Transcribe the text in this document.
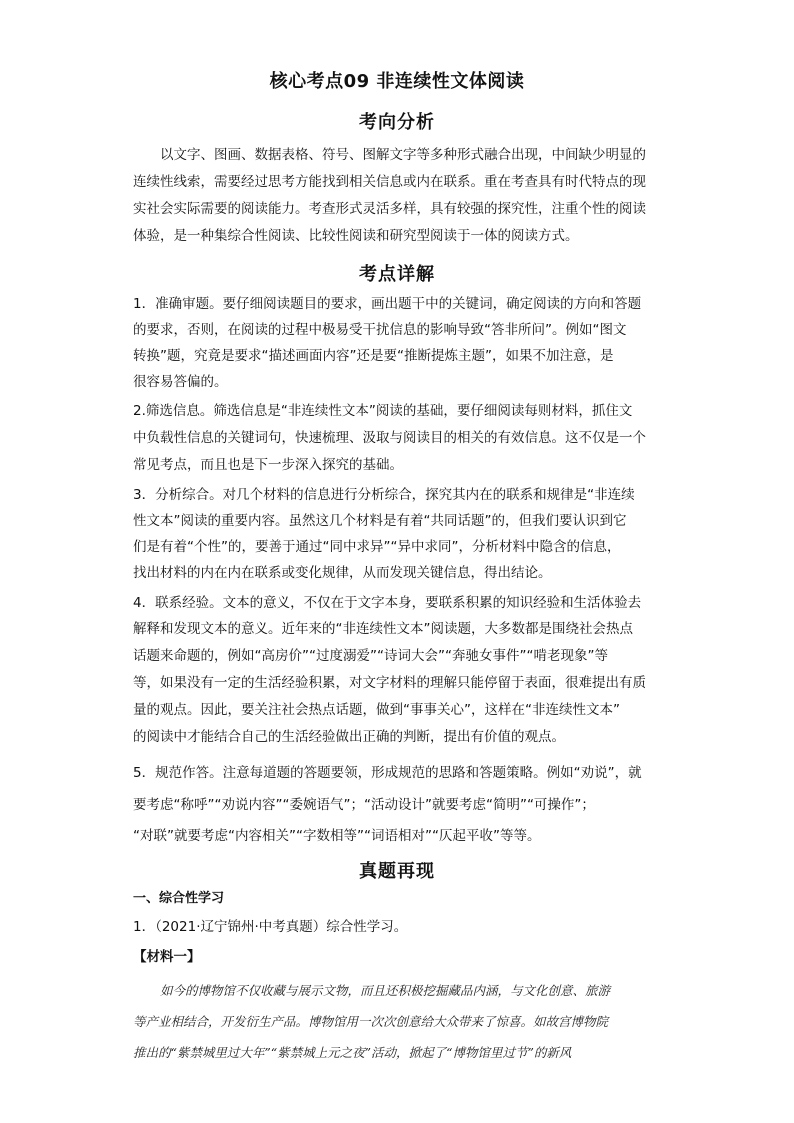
核心考点09 非连续性文体阅读
考向分析
以文字、图画、数据表格、符号、图解文字等多种形式融合出现，中间缺少明显的
连续性线索，需要经过思考方能找到相关信息或内在联系。重在考查具有时代特点的现
实社会实际需要的阅读能力。考查形式灵活多样，具有较强的探究性，注重个性的阅读
体验，是一种集综合性阅读、比较性阅读和研究型阅读于一体的阅读方式。
考点详解
1．准确审题。要仔细阅读题目的要求，画出题干中的关键词，确定阅读的方向和答题
的要求，否则，在阅读的过程中极易受干扰信息的影响导致“答非所问”。例如“图文
转换”题，究竟是要求“描述画面内容”还是要“推断提炼主题”，如果不加注意，是
很容易答偏的。
2.筛选信息。筛选信息是“非连续性文本”阅读的基础，要仔细阅读每则材料，抓住文
中负载性信息的关键词句，快速梳理、汲取与阅读目的相关的有效信息。这不仅是一个
常见考点，而且也是下一步深入探究的基础。
3．分析综合。对几个材料的信息进行分析综合，探究其内在的联系和规律是“非连续
性文本”阅读的重要内容。虽然这几个材料是有着“共同话题”的，但我们要认识到它
们是有着“个性”的，要善于通过“同中求异”“异中求同”，分析材料中隐含的信息，
找出材料的内在内在联系或变化规律，从而发现关键信息，得出结论。
4．联系经验。文本的意义，不仅在于文字本身，要联系积累的知识经验和生活体验去
解释和发现文本的意义。近年来的“非连续性文本”阅读题，大多数都是围绕社会热点
话题来命题的，例如“高房价”“过度溺爱”“诗词大会”“奔驰女事件”“啃老现象”等
等，如果没有一定的生活经验积累，对文字材料的理解只能停留于表面，很难提出有质
量的观点。因此，要关注社会热点话题，做到“事事关心”，这样在“非连续性文本”
的阅读中才能结合自己的生活经验做出正确的判断，提出有价值的观点。
5．规范作答。注意每道题的答题要领，形成规范的思路和答题策略。例如“劝说”，就
要考虑“称呼”“劝说内容”“委婉语气”；“活动设计”就要考虑“简明”“可操作”；
“对联”就要考虑“内容相关”“字数相等”“词语相对”“仄起平收”等等。
真题再现
一、综合性学习
1．（2021·辽宁锦州·中考真题）综合性学习。
【材料一】
如今的博物馆不仅收藏与展示文物，而且还积极挖掘藏品内涵，与文化创意、旅游
等产业相结合，开发衍生产品。博物馆用一次次创意给大众带来了惊喜。如故宫博物院
推出的“紫禁城里过大年”“紫禁城上元之夜”活动，掀起了“博物馆里过节”的新风
